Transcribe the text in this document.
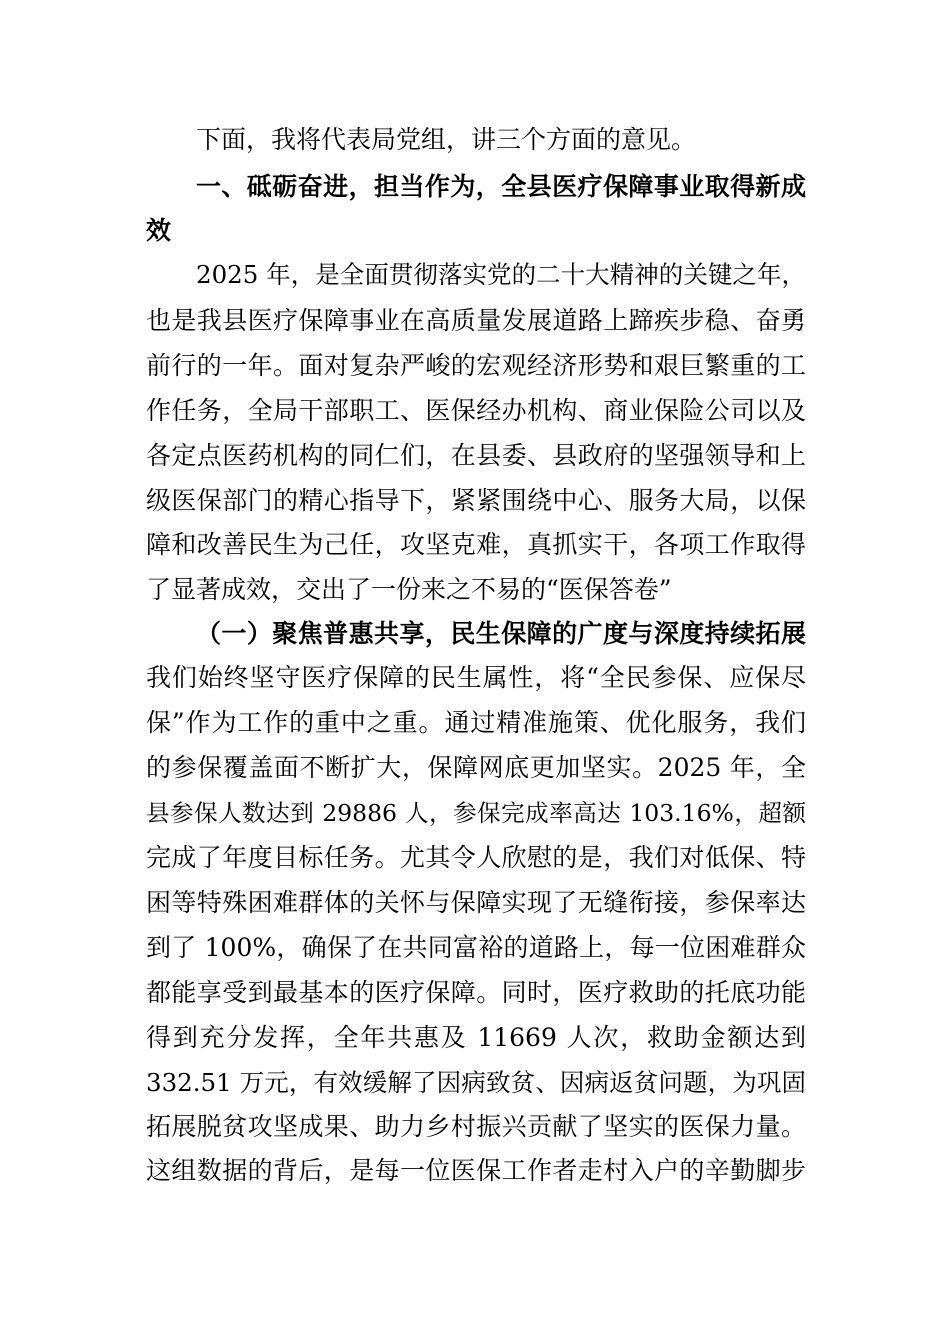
下面，我将代表局党组，讲三个方面的意见。
一、砥砺奋进，担当作为，全县医疗保障事业取得新成
效
2025 年，是全面贯彻落实党的二十大精神的关键之年，
也是我县医疗保障事业在高质量发展道路上蹄疾步稳、奋勇
前行的一年。面对复杂严峻的宏观经济形势和艰巨繁重的工
作任务，全局干部职工、医保经办机构、商业保险公司以及
各定点医药机构的同仁们，在县委、县政府的坚强领导和上
级医保部门的精心指导下，紧紧围绕中心、服务大局，以保
障和改善民生为己任，攻坚克难，真抓实干，各项工作取得
了显著成效，交出了一份来之不易的“医保答卷”
（一）聚焦普惠共享，民生保障的广度与深度持续拓展
我们始终坚守医疗保障的民生属性，将“全民参保、应保尽
保”作为工作的重中之重。通过精准施策、优化服务，我们
的参保覆盖面不断扩大，保障网底更加坚实。2025 年，全
县参保人数达到 29886 人，参保完成率高达 103.16%，超额
完成了年度目标任务。尤其令人欣慰的是，我们对低保、特
困等特殊困难群体的关怀与保障实现了无缝衔接，参保率达
到了 100%，确保了在共同富裕的道路上，每一位困难群众
都能享受到最基本的医疗保障。同时，医疗救助的托底功能
得到充分发挥，全年共惠及 11669 人次，救助金额达到
332.51 万元，有效缓解了因病致贫、因病返贫问题，为巩固
拓展脱贫攻坚成果、助力乡村振兴贡献了坚实的医保力量。
这组数据的背后，是每一位医保工作者走村入户的辛勤脚步
